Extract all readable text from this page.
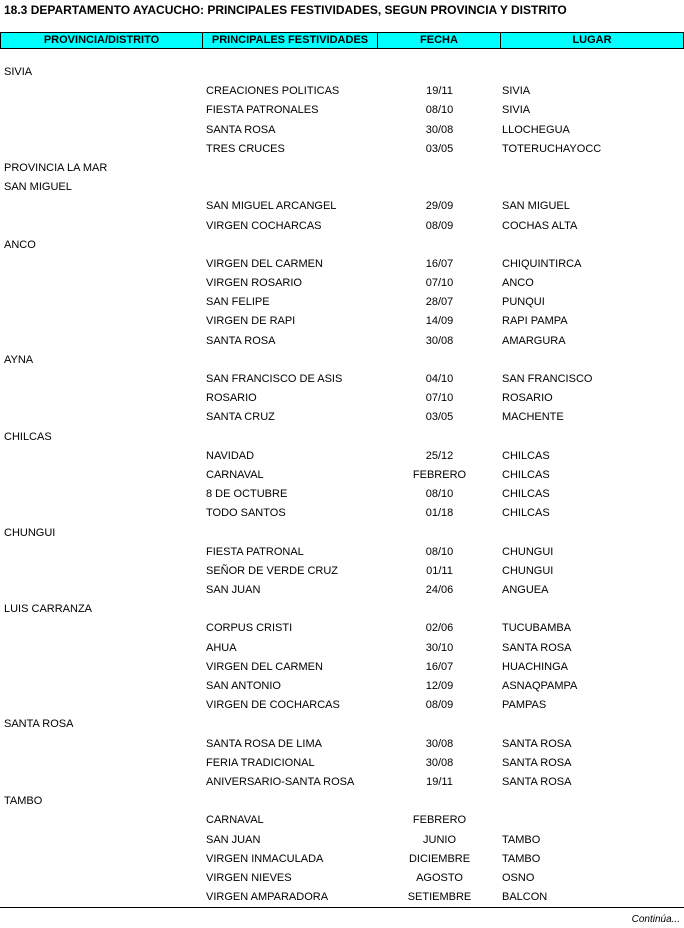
18.3 DEPARTAMENTO AYACUCHO: PRINCIPALES FESTIVIDADES, SEGUN PROVINCIA Y DISTRITO
PROVINCIA/DISTRITO	PRINCIPALES FESTIVIDADES	FECHA	LUGAR
SIVIA
CREACIONES POLITICAS	19/11	SIVIA
FIESTA PATRONALES	08/10	SIVIA
SANTA ROSA	30/08	LLOCHEGUA
TRES CRUCES	03/05	TOTERUCHAYOCC
PROVINCIA LA MAR
SAN MIGUEL
SAN MIGUEL ARCANGEL	29/09	SAN MIGUEL
VIRGEN COCHARCAS	08/09	COCHAS ALTA
ANCO
VIRGEN DEL CARMEN	16/07	CHIQUINTIRCA
VIRGEN ROSARIO	07/10	ANCO
SAN FELIPE	28/07	PUNQUI
VIRGEN DE RAPI	14/09	RAPI PAMPA
SANTA ROSA	30/08	AMARGURA
AYNA
SAN FRANCISCO DE ASIS	04/10	SAN FRANCISCO
ROSARIO	07/10	ROSARIO
SANTA CRUZ	03/05	MACHENTE
CHILCAS
NAVIDAD	25/12	CHILCAS
CARNAVAL	FEBRERO	CHILCAS
8 DE OCTUBRE	08/10	CHILCAS
TODO SANTOS	01/18	CHILCAS
CHUNGUI
FIESTA PATRONAL	08/10	CHUNGUI
SEÑOR DE VERDE CRUZ	01/11	CHUNGUI
SAN JUAN	24/06	ANGUEA
LUIS CARRANZA
CORPUS CRISTI	02/06	TUCUBAMBA
AHUA	30/10	SANTA ROSA
VIRGEN DEL CARMEN	16/07	HUACHINGA
SAN ANTONIO	12/09	ASNAQPAMPA
VIRGEN DE COCHARCAS	08/09	PAMPAS
SANTA ROSA
SANTA ROSA DE LIMA	30/08	SANTA ROSA
FERIA TRADICIONAL	30/08	SANTA ROSA
ANIVERSARIO-SANTA ROSA	19/11	SANTA ROSA
TAMBO
CARNAVAL	FEBRERO
SAN JUAN	JUNIO	TAMBO
VIRGEN INMACULADA	DICIEMBRE	TAMBO
VIRGEN NIEVES	AGOSTO	OSNO
VIRGEN AMPARADORA	SETIEMBRE	BALCON
Continúa...
